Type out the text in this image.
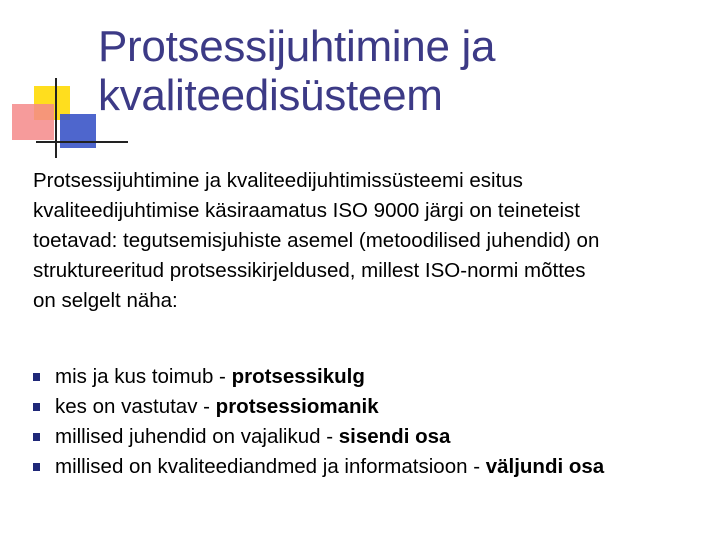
Protsessijuhtimine ja
kvaliteedisüsteem
Protsessijuhtimine ja kvaliteedijuhtimissüsteemi esitus
kvaliteedijuhtimise käsiraamatus ISO 9000 järgi on teineteist
toetavad: tegutsemisjuhiste asemel (metoodilised juhendid) on
struktureeritud protsessikirjeldused, millest ISO-normi mõttes
on selgelt näha:
mis ja kus toimub - protsessikulg
kes on vastutav - protsessiomanik
millised juhendid on vajalikud - sisendi osa
millised on kvaliteediandmed ja informatsioon - väljundi osa
